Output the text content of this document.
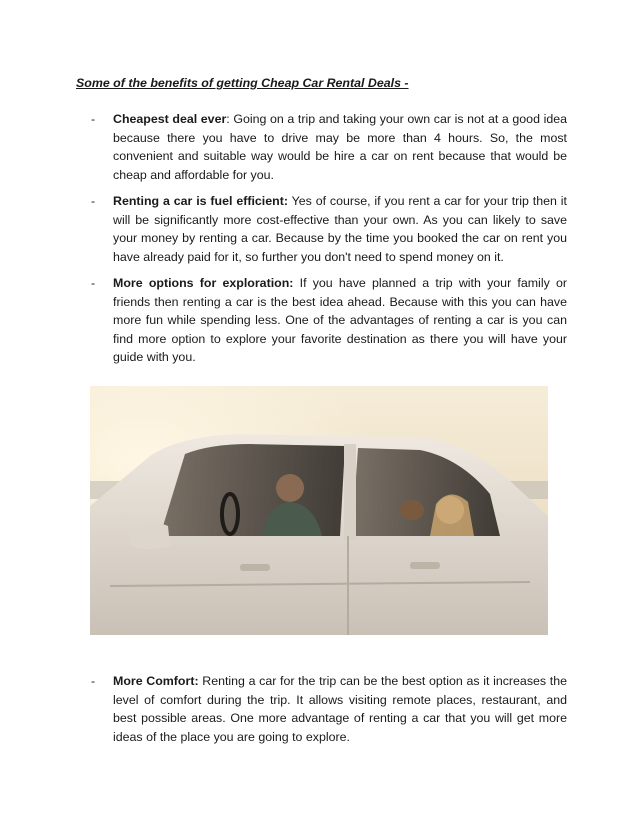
Some of the benefits of getting Cheap Car Rental Deals -
- Cheapest deal ever: Going on a trip and taking your own car is not at a good idea because there you have to drive may be more than 4 hours. So, the most convenient and suitable way would be hire a car on rent because that would be cheap and affordable for you.
- Renting a car is fuel efficient: Yes of course, if you rent a car for your trip then it will be significantly more cost-effective than your own. As you can likely to save your money by renting a car. Because by the time you booked the car on rent you have already paid for it, so further you don't need to spend money on it.
- More options for exploration: If you have planned a trip with your family or friends then renting a car is the best idea ahead. Because with this you can have more fun while spending less. One of the advantages of renting a car is you can find more option to explore your favorite destination as there you will have your guide with you.
- More Comfort: Renting a car for the trip can be the best option as it increases the level of comfort during the trip. It allows visiting remote places, restaurant, and best possible areas. One more advantage of renting a car that you will get more ideas of the place you are going to explore.
